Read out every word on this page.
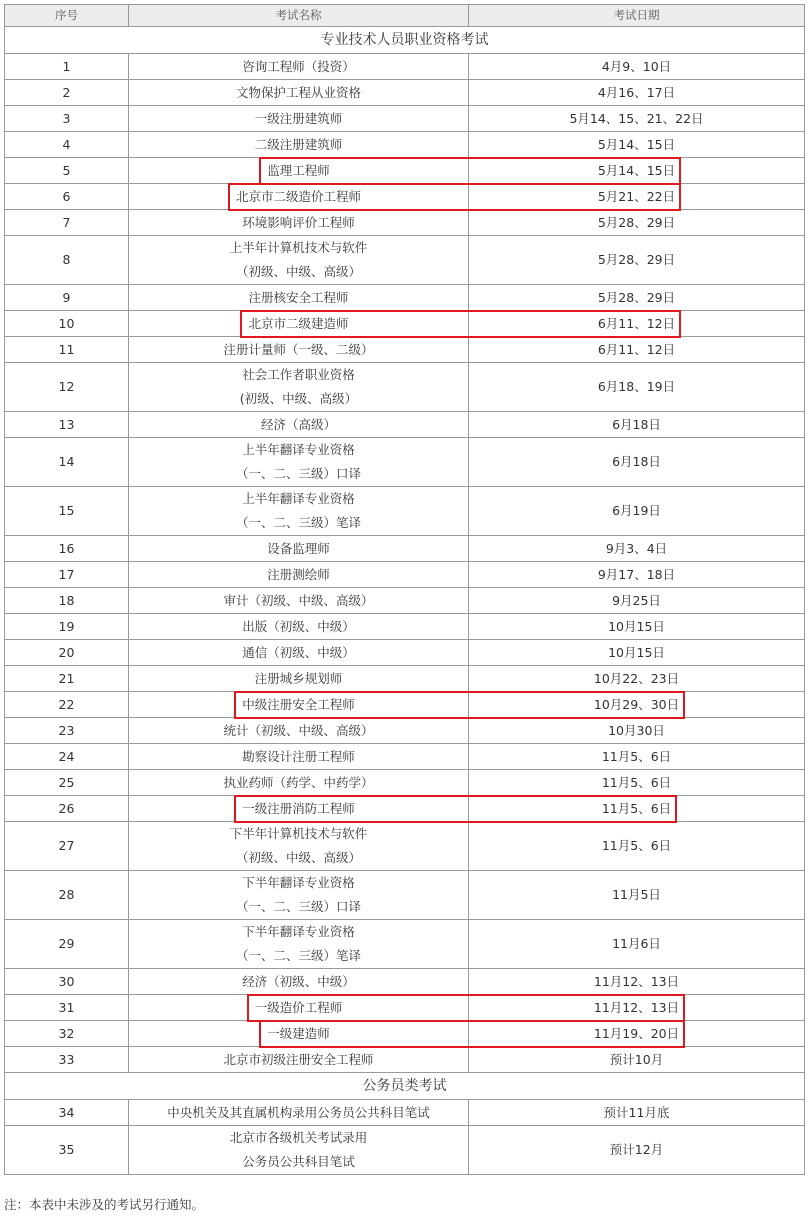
序号	考试名称	考试日期
专业技术人员职业资格考试		
1	咨询工程师（投资）	4月9、10日
2	文物保护工程从业资格	4月16、17日
3	一级注册建筑师	5月14、15、21、22日
4	二级注册建筑师	5月14、15日
5	监理工程师	5月14、15日
6	北京市二级造价工程师	5月21、22日
7	环境影响评价工程师	5月28、29日
8	上半年计算机技术与软件
（初级、中级、高级）	5月28、29日
9	注册核安全工程师	5月28、29日
10	北京市二级建造师	6月11、12日
11	注册计量师（一级、二级）	6月11、12日
12	社会工作者职业资格
(初级、中级、高级）	6月18、19日
13	经济（高级）	6月18日
14	上半年翻译专业资格
（一、二、三级）口译	6月18日
15	上半年翻译专业资格
（一、二、三级）笔译	6月19日
16	设备监理师	9月3、4日
17	注册测绘师	9月17、18日
18	审计（初级、中级、高级）	9月25日
19	出版（初级、中级）	10月15日
20	通信（初级、中级）	10月15日
21	注册城乡规划师	10月22、23日
22	中级注册安全工程师	10月29、30日
23	统计（初级、中级、高级）	10月30日
24	勘察设计注册工程师	11月5、6日
25	执业药师（药学、中药学）	11月5、6日
26	一级注册消防工程师	11月5、6日
27	下半年计算机技术与软件
（初级、中级、高级）	11月5、6日
28	下半年翻译专业资格
（一、二、三级）口译	11月5日
29	下半年翻译专业资格
（一、二、三级）笔译	11月6日
30	经济（初级、中级）	11月12、13日
31	一级造价工程师	11月12、13日
32	一级建造师	11月19、20日
33	北京市初级注册安全工程师	预计10月
公务员类考试		
34	中央机关及其直属机构录用公务员公共科目笔试	预计11月底
35	北京市各级机关考试录用
公务员公共科目笔试	预计12月
注：本表中未涉及的考试另行通知。
